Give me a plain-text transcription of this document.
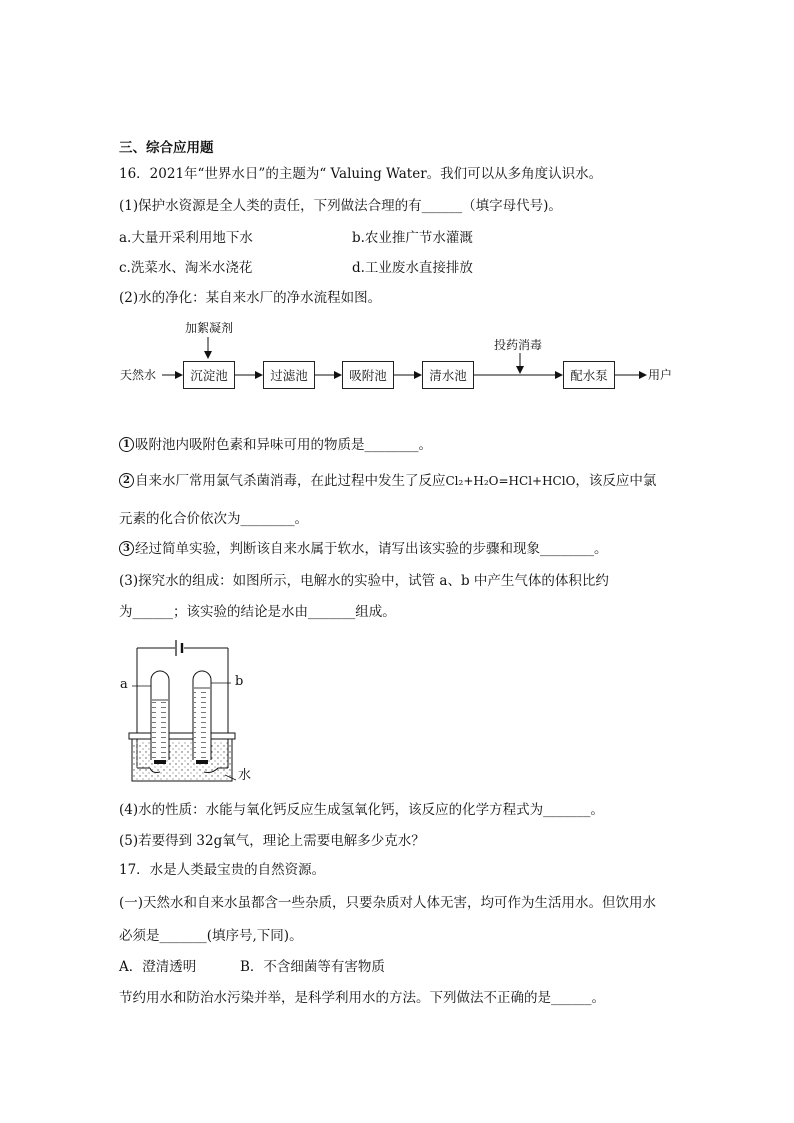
三、综合应用题
16．2021年“世界水日”的主题为“ Valuing Water。我们可以从多角度认识水。
(1)保护水资源是全人类的责任，下列做法合理的有______（填字母代号)。
a.大量开采利用地下水	b.农业推广节水灌溉
c.洗菜水、淘米水浇花	d.工业废水直接排放
(2)水的净化：某自来水厂的净水流程如图。
加絮凝剂
天然水	沉淀池	过滤池	吸附池	清水池	配水泵
投药消毒
用户
1 吸附池内吸附色素和异味可用的物质是________。
2 自来水厂常用氯气杀菌消毒，在此过程中发生了反应Cl₂+H₂O=HCl+HClO，该反应中氯
元素的化合价依次为________。
3 经过简单实验，判断该自来水属于软水，请写出该实验的步骤和现象________。
(3)探究水的组成：如图所示，电解水的实验中，试管 a、b 中产生气体的体积比约
为______；该实验的结论是水由_______组成。
a	b
水
(4)水的性质：水能与氧化钙反应生成氢氧化钙，该反应的化学方程式为_______。
(5)若要得到 32g氧气，理论上需要电解多少克水？
17．水是人类最宝贵的自然资源。
(一)天然水和自来水虽都含一些杂质，只要杂质对人体无害，均可作为生活用水。但饮用水
必须是_______(填序号,下同)。
A．澄清透明	B．不含细菌等有害物质
节约用水和防治水污染并举，是科学利用水的方法。下列做法不正确的是______。
